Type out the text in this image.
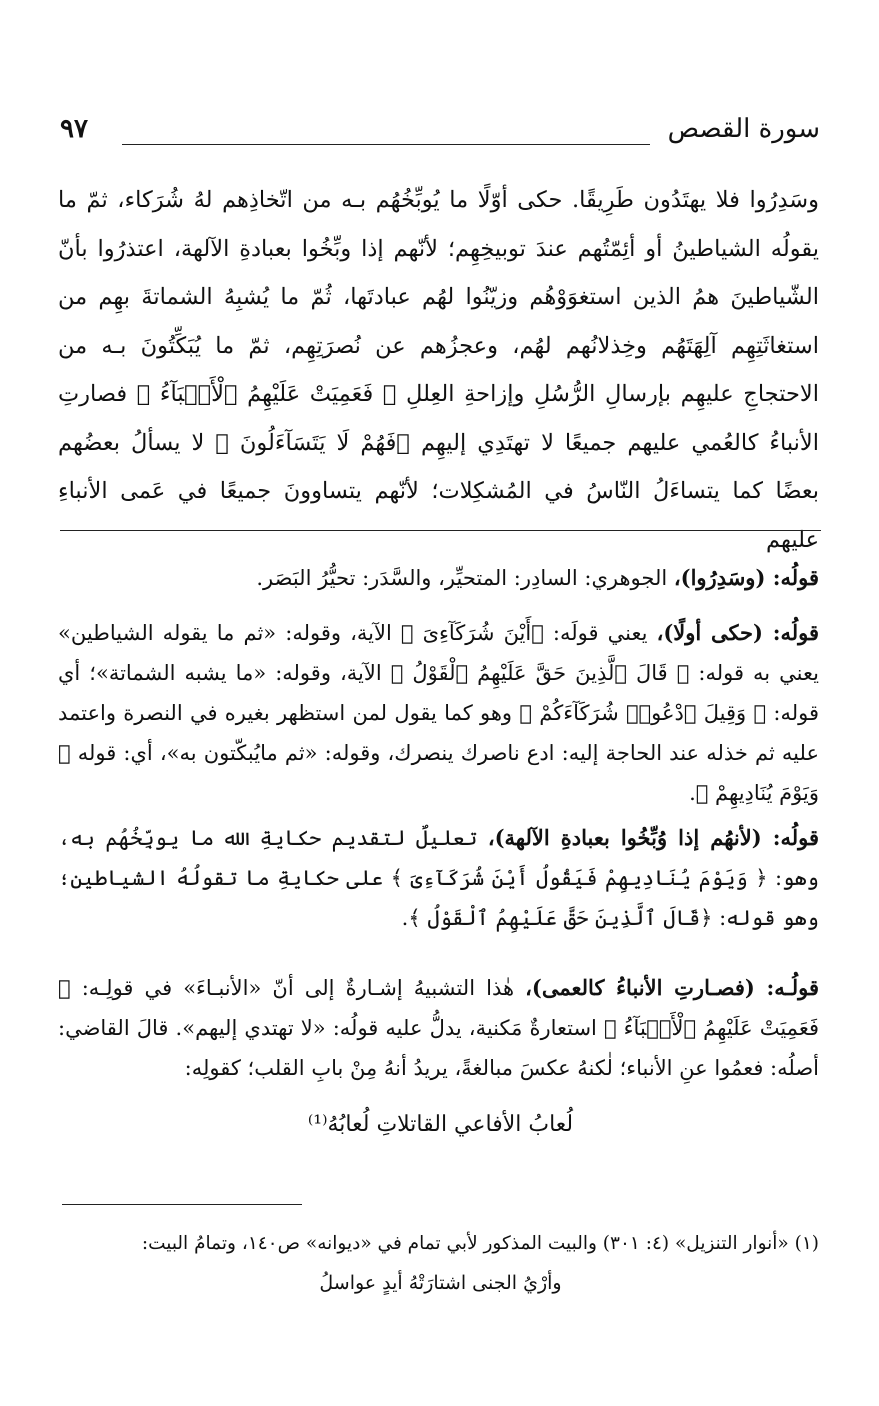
سورة القصص
٩٧
وسَدِرُوا فلا يهتَدُون طَرِيقًا. حكى أوّلًا ما يُوبِّخُهُم بـه من اتّخاذِهم لهُ شُرَكاء، ثمّ ما يقولُه الشياطينُ أو أئِمّتُهم عندَ توبيخِهِم؛ لأنّهم إذا وبِّخُوا بعبادةِ الآلهة، اعتذرُوا بأنّ الشّياطينَ همُ الذين استغوَوْهُم وزيّنُوا لهُم عبادتَها، ثُمّ ما يُشبِهُ الشماتةَ بهِم من استغاثَتِهِم آلِهَتَهُم وخِذلانُهم لهُم، وعجزُهم عن نُصرَتِهِم، ثمّ ما يُبَكِّتُونَ بـه من الاحتجاجِ عليهِم بإرسالِ الرُّسُلِ وإزاحةِ العِللِ ﴿ فَعَمِيَتْ عَلَيْهِمُ ٱلْأَنۢبَآءُ ﴾ فصارتِ الأنباءُ كالعُمي عليهم جميعًا لا تهتَدِي إليهِم ﴿فَهُمْ لَا يَتَسَآءَلُونَ ﴾ لا يسألُ بعضُهم بعضًا كما يتساءَلُ النّاسُ في المُشكِلات؛ لأنّهم يتساوونَ جميعًا في عَمى الأنباءِ عليهم
قولُه: (وسَدِرُوا)، الجوهري: السادِر: المتحيِّر، والسَّدَر: تحيُّرُ البَصَر.
قولُه: (حكى أولًا)، يعني قولَه: ﴿أَيْنَ شُرَكَآءِىَ ﴾ الآية، وقوله: «ثم ما يقوله الشياطين» يعني به قوله: ﴿ قَالَ ٱلَّذِينَ حَقَّ عَلَيْهِمُ ٱلْقَوْلُ ﴾ الآية، وقوله: «ما يشبه الشماتة»؛ أي قوله: ﴿ وَقِيلَ ٱدْعُوا۟ شُرَكَآءَكُمْ ﴾ وهو كما يقول لمن استظهر بغيره في النصرة واعتمد عليه ثم خذله عند الحاجة إليه: ادع ناصرك ينصرك، وقوله: «ثم مايُبكّتون به»، أي: قوله ﴿ وَيَوْمَ يُنَادِيهِمْ ﴾.
قولُه: (لأنهُم إذا وُبِّخُوا بعبادةِ الآلهة)، تعليلٌ لتقديم حكايةِ الله ما يوبِّخُهُم به، وهو: ﴿ وَيَوْمَ يُنَادِيهِمْ فَيَقُولُ أَيْنَ شُرَكَآءِىَ ﴾ على حكايةِ ما تقولُهُ الشياطين؛ وهو قوله: ﴿قَالَ ٱلَّذِينَ حَقَّ عَلَيْهِمُ ٱلْقَوْلُ ﴾.
قولُـه: (فصـارتِ الأنباءُ كالعمى)، هٰذا التشبيهُ إشـارةٌ إلى أنّ «الأنبـاءَ» في قولِـه: ﴿ فَعَمِيَتْ عَلَيْهِمُ ٱلْأَنۢبَآءُ ﴾ استعارةٌ مَكنية، يدلُّ عليه قولُه: «لا تهتدي إليهم». قالَ القاضي: أصلُه: فعمُوا عنِ الأنباء؛ لٰكنهُ عكسَ مبالغةً، يريدُ أنهُ مِنْ بابِ القلب؛ كقولِه:
لُعابُ الأفاعي القاتلاتِ لُعابُهُ⁽¹⁾
(١) «أنوار التنزيل» (٤: ٣٠١) والبيت المذكور لأبي تمام في «ديوانه» ص١٤٠، وتمامُ البيت:
وأرْيُ الجنى اشتارَتْهُ أيدٍ عواسلُ
